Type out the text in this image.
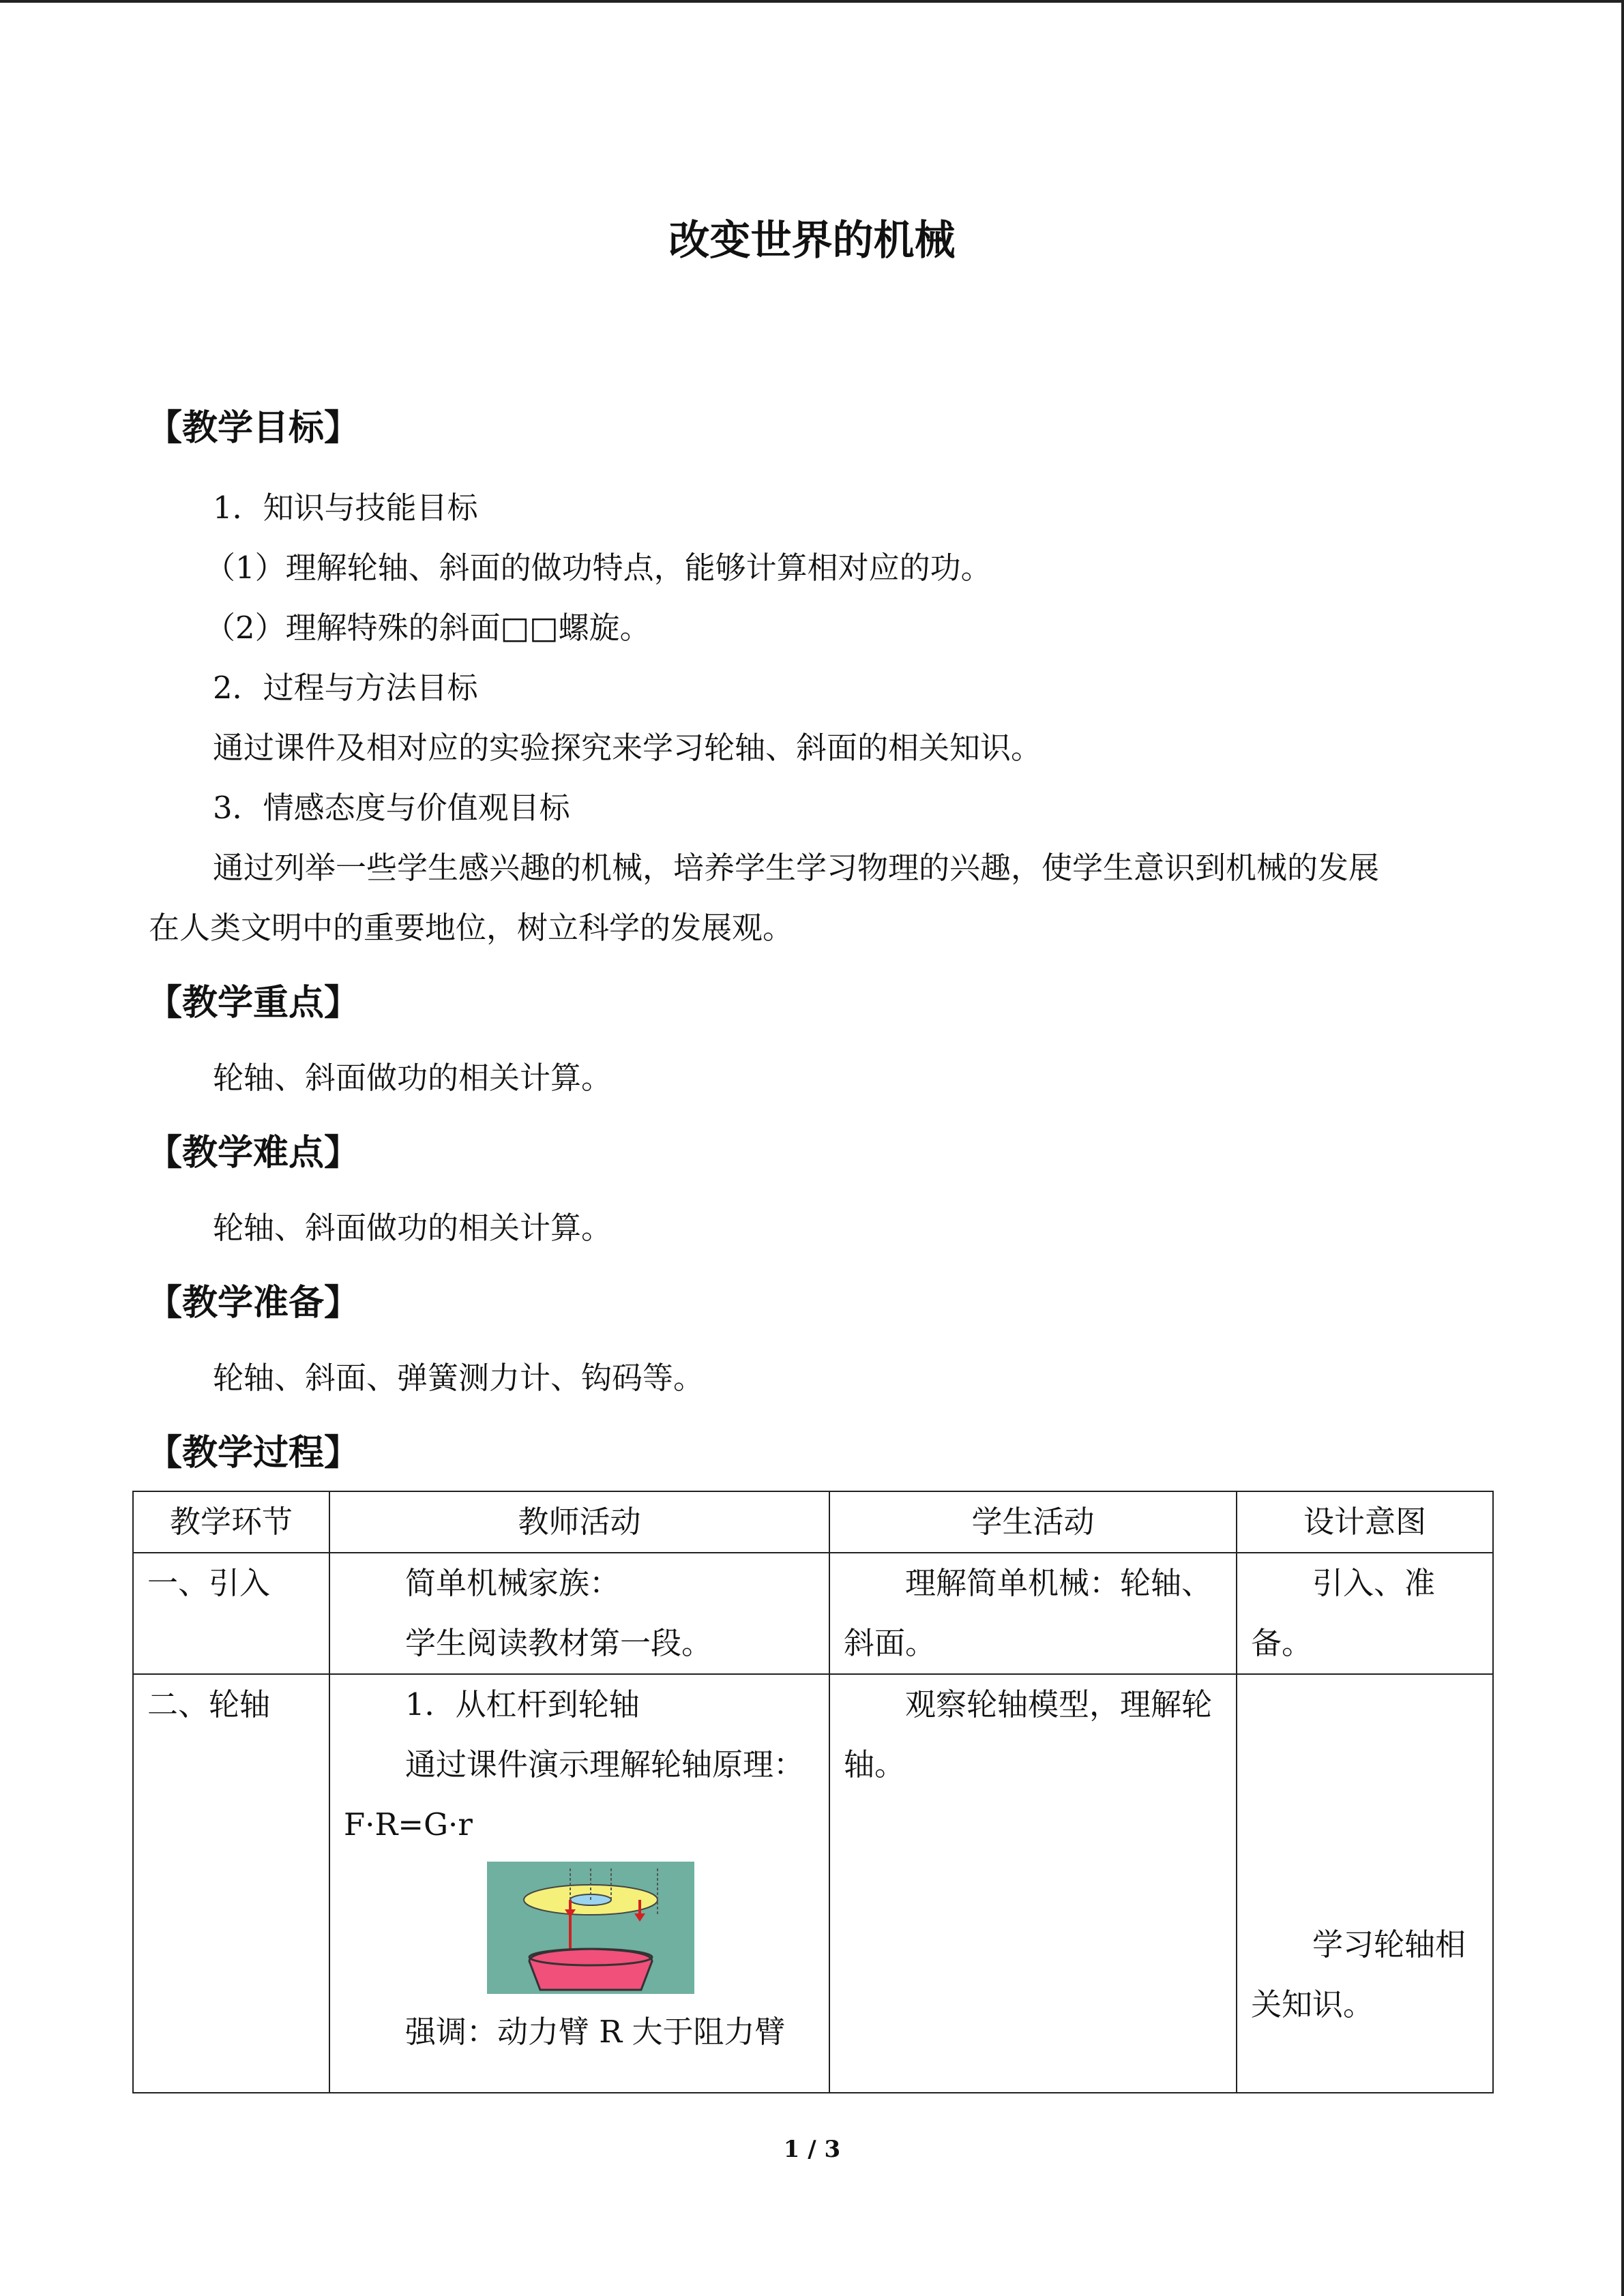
改变世界的机械
【教学目标】
1．知识与技能目标
（1）理解轮轴、斜面的做功特点，能够计算相对应的功。
（2）理解特殊的斜面□□螺旋。
2．过程与方法目标
通过课件及相对应的实验探究来学习轮轴、斜面的相关知识。
3．情感态度与价值观目标
通过列举一些学生感兴趣的机械，培养学生学习物理的兴趣，使学生意识到机械的发展
在人类文明中的重要地位，树立科学的发展观。
【教学重点】
轮轴、斜面做功的相关计算。
【教学难点】
轮轴、斜面做功的相关计算。
【教学准备】
轮轴、斜面、弹簧测力计、钩码等。
【教学过程】
教学环节	教师活动	学生活动	设计意图

一、引入	简单机械家族：
学生阅读教材第一段。	理解简单机械：轮轴、斜面。	引入、准备。

二、轮轴	1．从杠杆到轮轴
通过课件演示理解轮轴原理：F·R=G·r
强调：动力臂 R 大于阻力臂	观察轮轴模型，理解轮轴。	学习轮轴相关知识。
1 / 3
